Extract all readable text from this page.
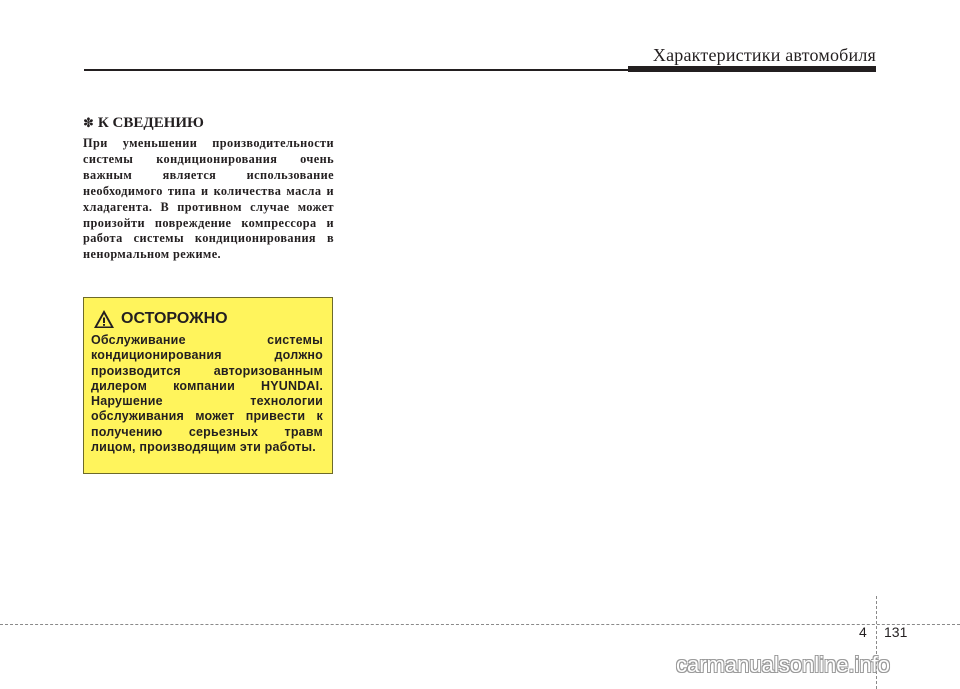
Характеристики автомобиля

✽ К СВЕДЕНИЮ

При уменьшении производительности системы кондиционирования очень важным является использование необходимого типа и количества масла и хладагента. В противном случае может произойти повреждение компрессора и работа системы кондиционирования в ненормальном режиме.

ОСТОРОЖНО

Обслуживание системы кондиционирования должно производится авторизованным дилером компании HYUNDAI. Нарушение технологии обслуживания может привести к получению серьезных травм лицом, производящим эти работы.

4 131
carmanualsonline.info
